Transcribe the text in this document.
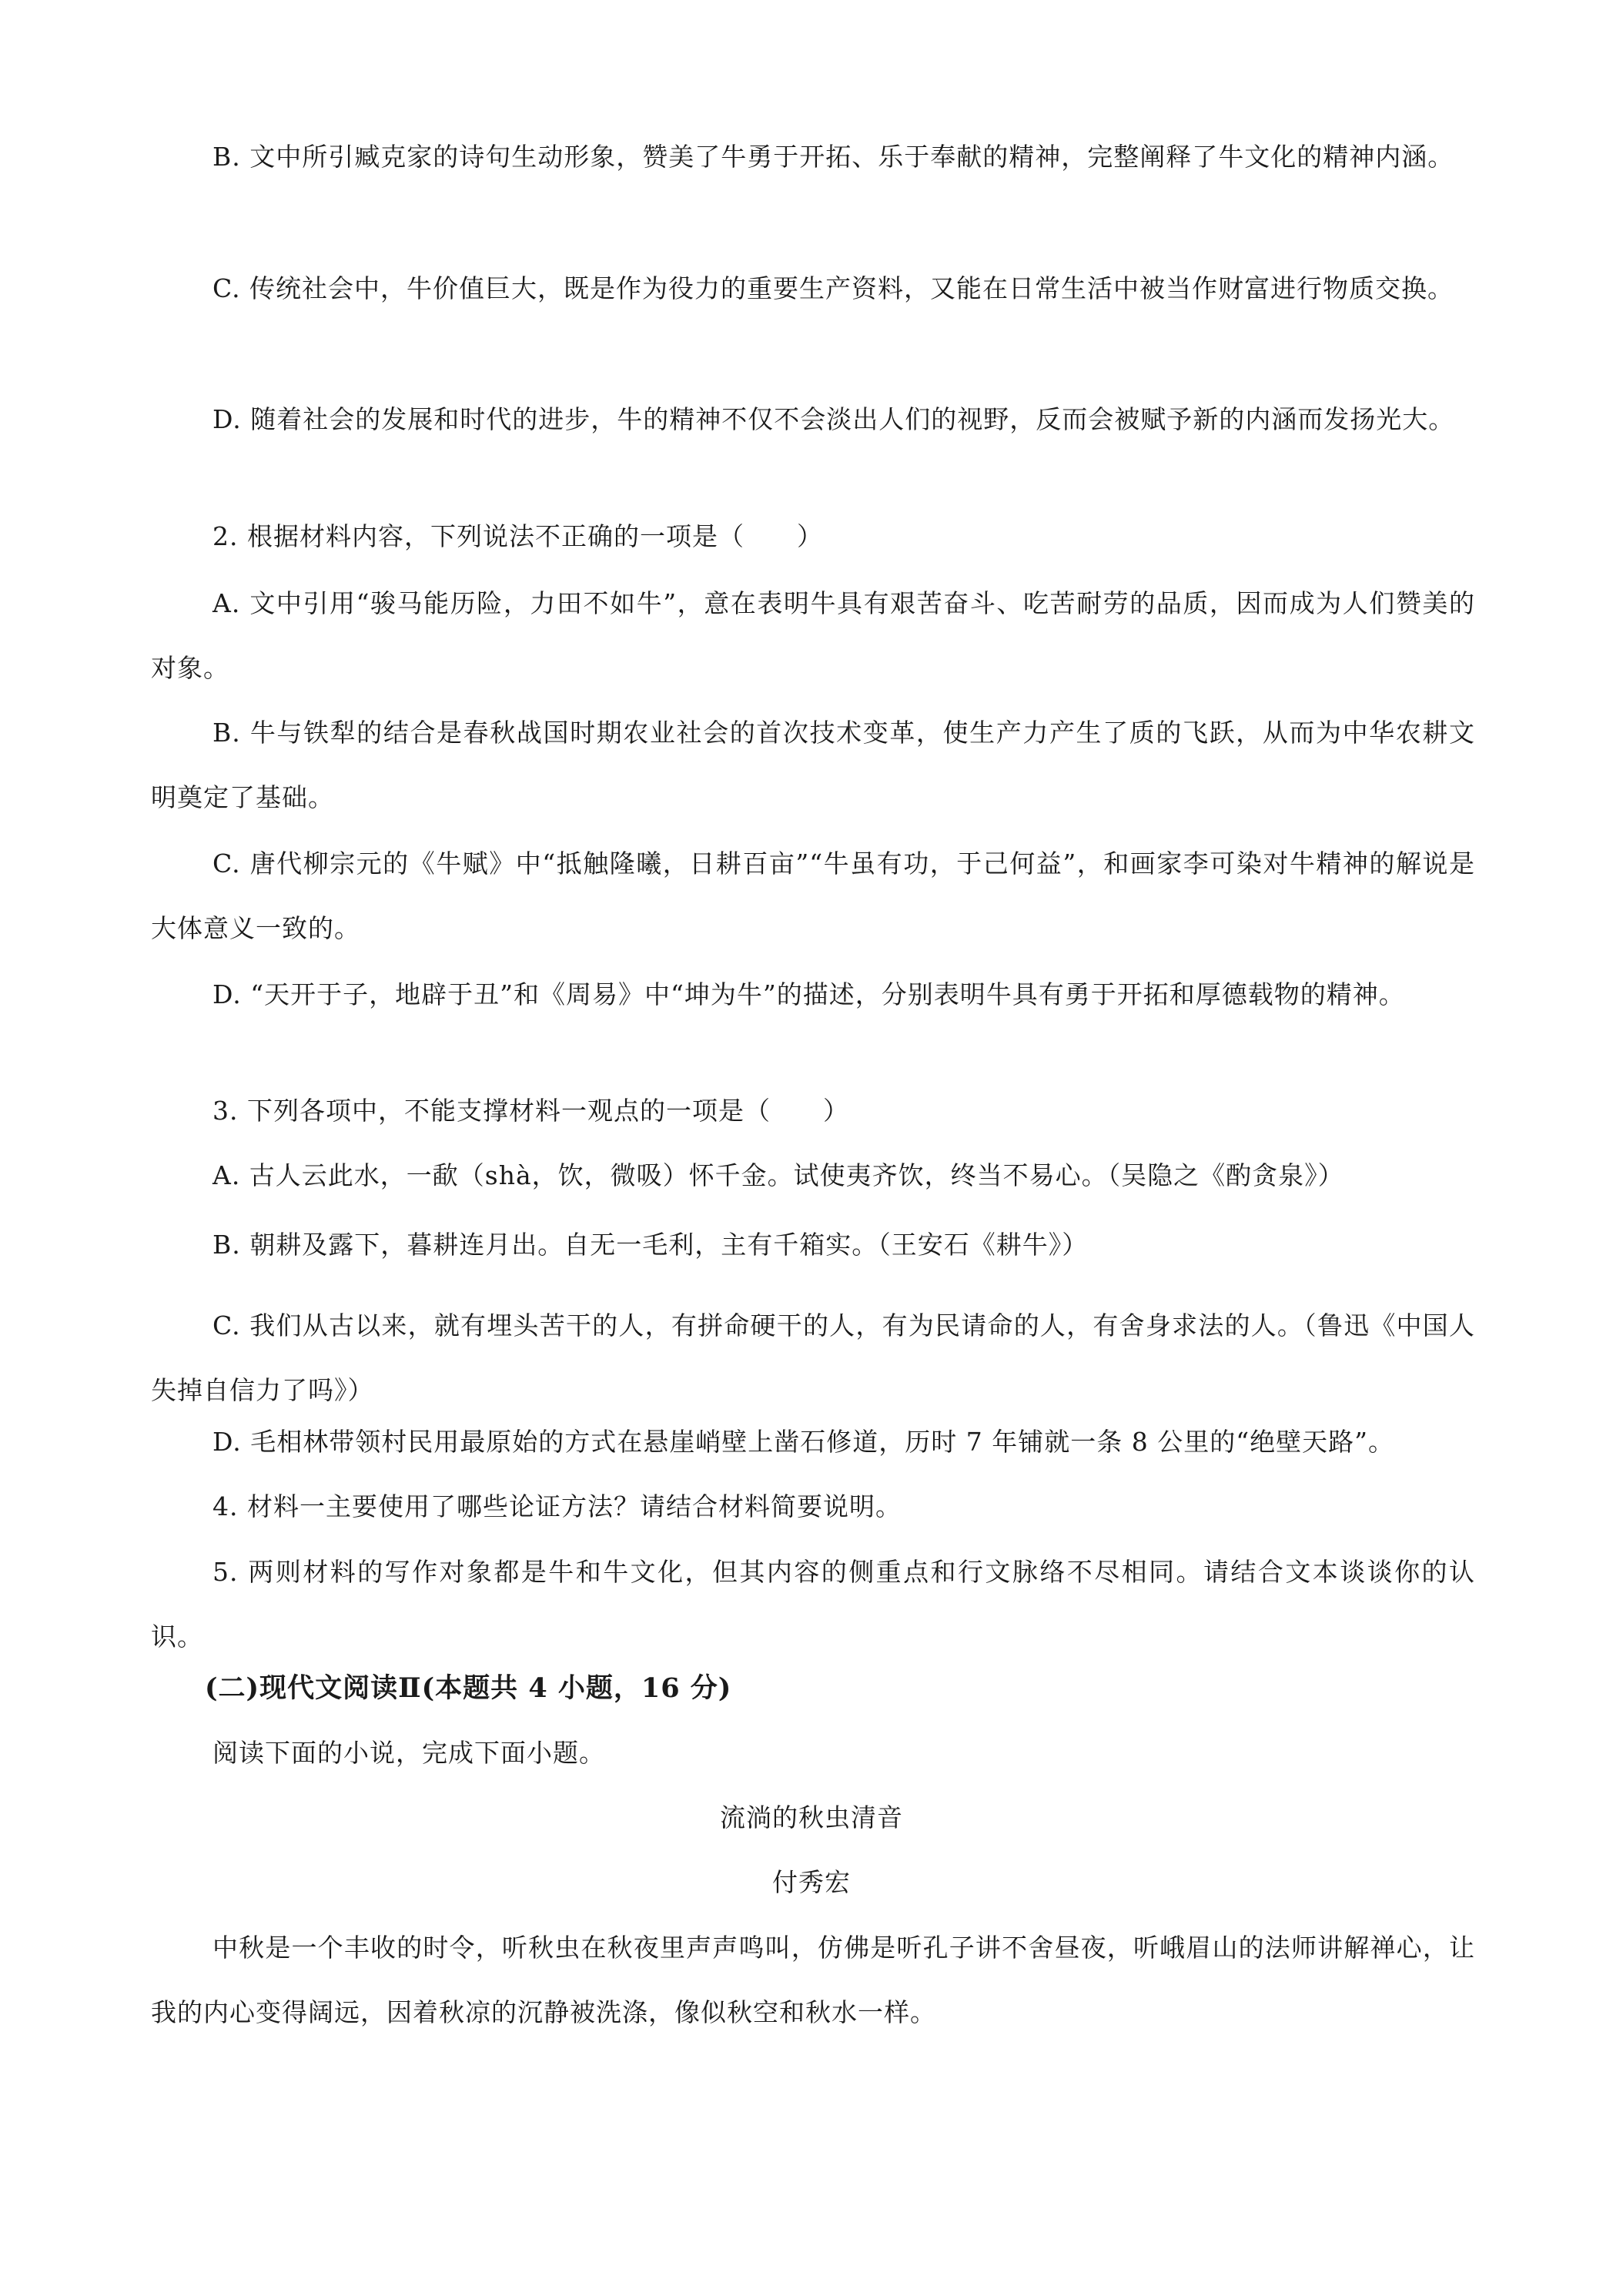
B. 文中所引臧克家的诗句生动形象，赞美了牛勇于开拓、乐于奉献的精神，完整阐释了牛文化的精神内涵。

C. 传统社会中，牛价值巨大，既是作为役力的重要生产资料，又能在日常生活中被当作财富进行物质交换。

D. 随着社会的发展和时代的进步，牛的精神不仅不会淡出人们的视野，反而会被赋予新的内涵而发扬光大。

2. 根据材料内容，下列说法不正确的一项是（　　）

A. 文中引用“骏马能历险，力田不如牛”，意在表明牛具有艰苦奋斗、吃苦耐劳的品质，因而成为人们赞美的对象。

B. 牛与铁犁的结合是春秋战国时期农业社会的首次技术变革，使生产力产生了质的飞跃，从而为中华农耕文明奠定了基础。

C. 唐代柳宗元的《牛赋》中“抵触隆曦，日耕百亩”“牛虽有功，于己何益”，和画家李可染对牛精神的解说是大体意义一致的。

D. “天开于子，地辟于丑”和《周易》中“坤为牛”的描述，分别表明牛具有勇于开拓和厚德载物的精神。

3. 下列各项中，不能支撑材料一观点的一项是（　　）

A. 古人云此水，一歃（shà，饮，微吸）怀千金。试使夷齐饮，终当不易心。（吴隐之《酌贪泉》）

B. 朝耕及露下，暮耕连月出。自无一毛利，主有千箱实。（王安石《耕牛》）

C. 我们从古以来，就有埋头苦干的人，有拼命硬干的人，有为民请命的人，有舍身求法的人。（鲁迅《中国人失掉自信力了吗》）

D. 毛相林带领村民用最原始的方式在悬崖峭壁上凿石修道，历时 7 年铺就一条 8 公里的“绝壁天路”。

4. 材料一主要使用了哪些论证方法？请结合材料简要说明。

5. 两则材料的写作对象都是牛和牛文化，但其内容的侧重点和行文脉络不尽相同。请结合文本谈谈你的认识。

(二)现代文阅读Ⅱ(本题共 4 小题，16 分)

阅读下面的小说，完成下面小题。

流淌的秋虫清音

付秀宏

中秋是一个丰收的时令，听秋虫在秋夜里声声鸣叫，仿佛是听孔子讲不舍昼夜，听峨眉山的法师讲解禅心，让我的内心变得阔远，因着秋凉的沉静被洗涤，像似秋空和秋水一样。
